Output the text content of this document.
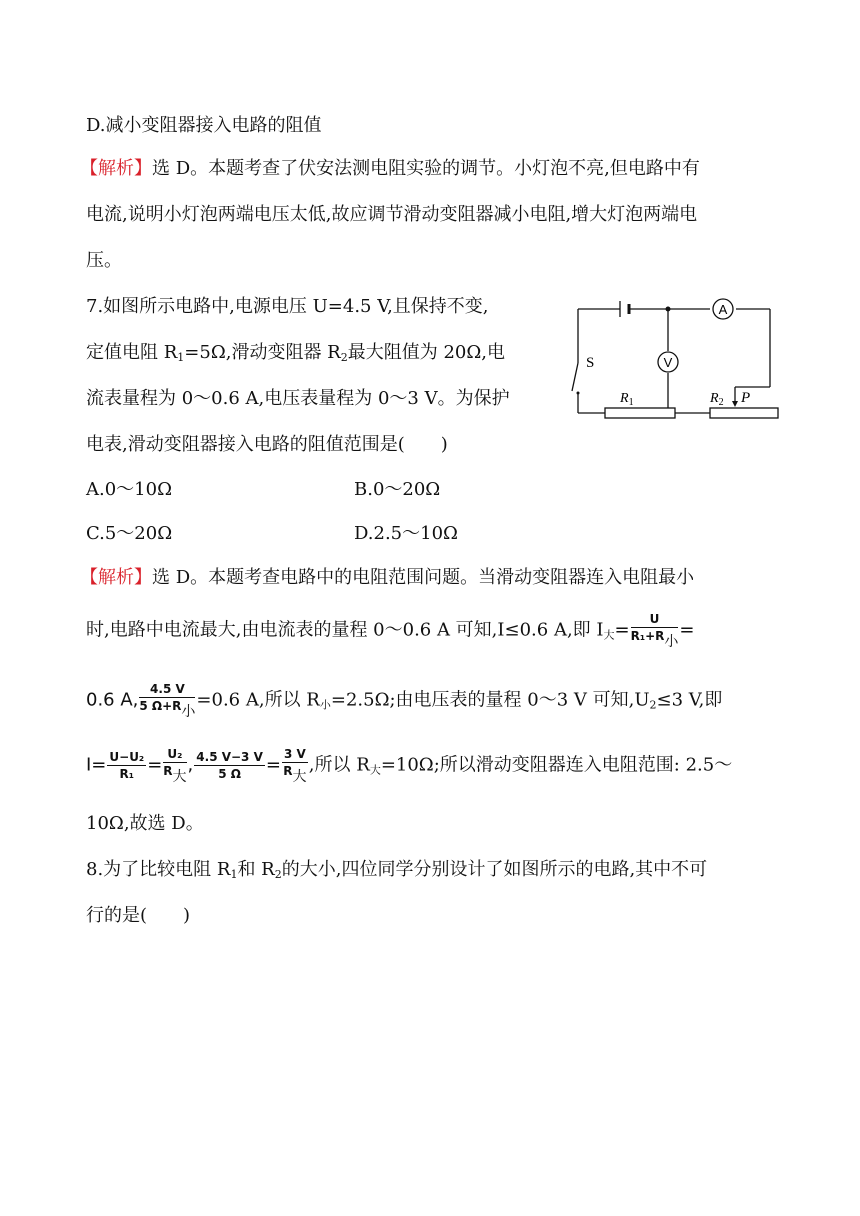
D.减小变阻器接入电路的阻值
【解析】选 D。本题考查了伏安法测电阻实验的调节。小灯泡不亮,但电路中有
电流,说明小灯泡两端电压太低,故应调节滑动变阻器减小电阻,增大灯泡两端电
压。
7.如图所示电路中,电源电压 U=4.5 V,且保持不变,
定值电阻 $R_1=5\Omega$,滑动变阻器 $R_2$最大阻值为 20Ω,电
流表量程为 0～0.6 A,电压表量程为 0～3 V。为保护
电表,滑动变阻器接入电路的阻值范围是(　　)
A.0～10Ω	B.0～20Ω
C.5～20Ω	D.2.5～10Ω
A
V
S
$R_1$	$R_2$ P
【解析】选 D。本题考查电路中的电阻范围问题。当滑动变阻器连入电阻最小
时,电路中电流最大,由电流表的量程 0～0.6 A 可知,I≤0.6 A,即 $I_大= \frac{U}{\text{R₁+R小}}$ =
0.6 A, $\frac{4.5 V}{\text{5 Ω+R小}} =0.6$ A,所以 $R_小=2.5\Omega$;由电压表的量程 0～3 V 可知$,U_2\le 3$ V,即
$I= \frac{\text{U−U₂}}{\text{R₁}} = \frac{\text{U₂}}{\text{R大}}$ , $\frac{4.5 V-3 V}{5 \Omega} = \frac{3 V}{\text{R大}}$ ,所以 $R_大=10\Omega$;所以滑动变阻器连入电阻范围: 2.5～
10Ω,故选 D。
8.为了比较电阻 $R_1$和 $R_2$的大小,四位同学分别设计了如图所示的电路,其中不可
行的是(　　)
